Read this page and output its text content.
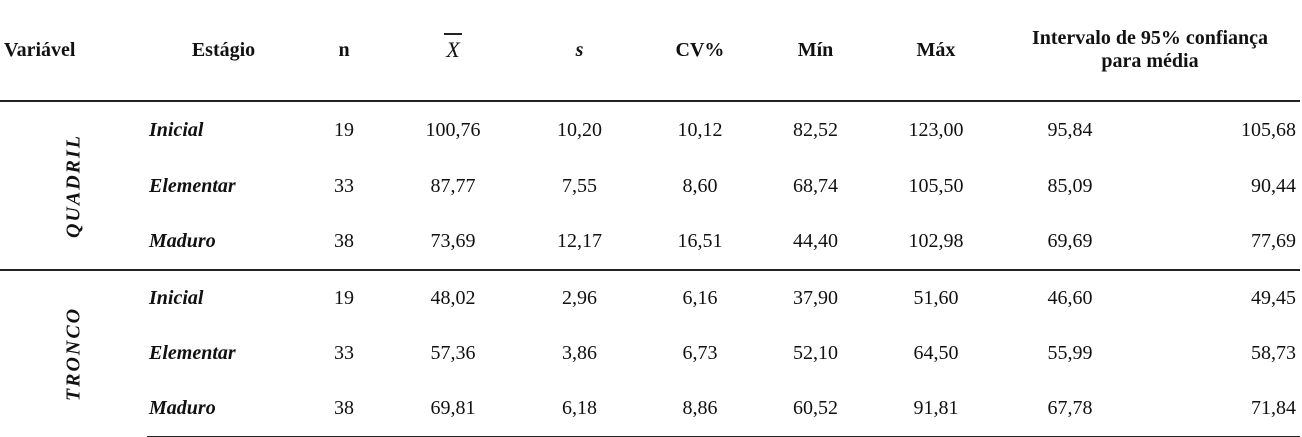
Variável	Estágio	n	X	s	CV%	Mín	Máx	Intervalo de 95% confiança para média	

QUADRIL	Inicial	19	100,76	10,20	10,12	82,52	123,00	95,84	105,68
	Elementar	33	87,77	7,55	8,60	68,74	105,50	85,09	90,44
	Maduro	38	73,69	12,17	16,51	44,40	102,98	69,69	77,69

TRONCO	Inicial	19	48,02	2,96	6,16	37,90	51,60	46,60	49,45
	Elementar	33	57,36	3,86	6,73	52,10	64,50	55,99	58,73
	Maduro	38	69,81	6,18	8,86	60,52	91,81	67,78	71,84
